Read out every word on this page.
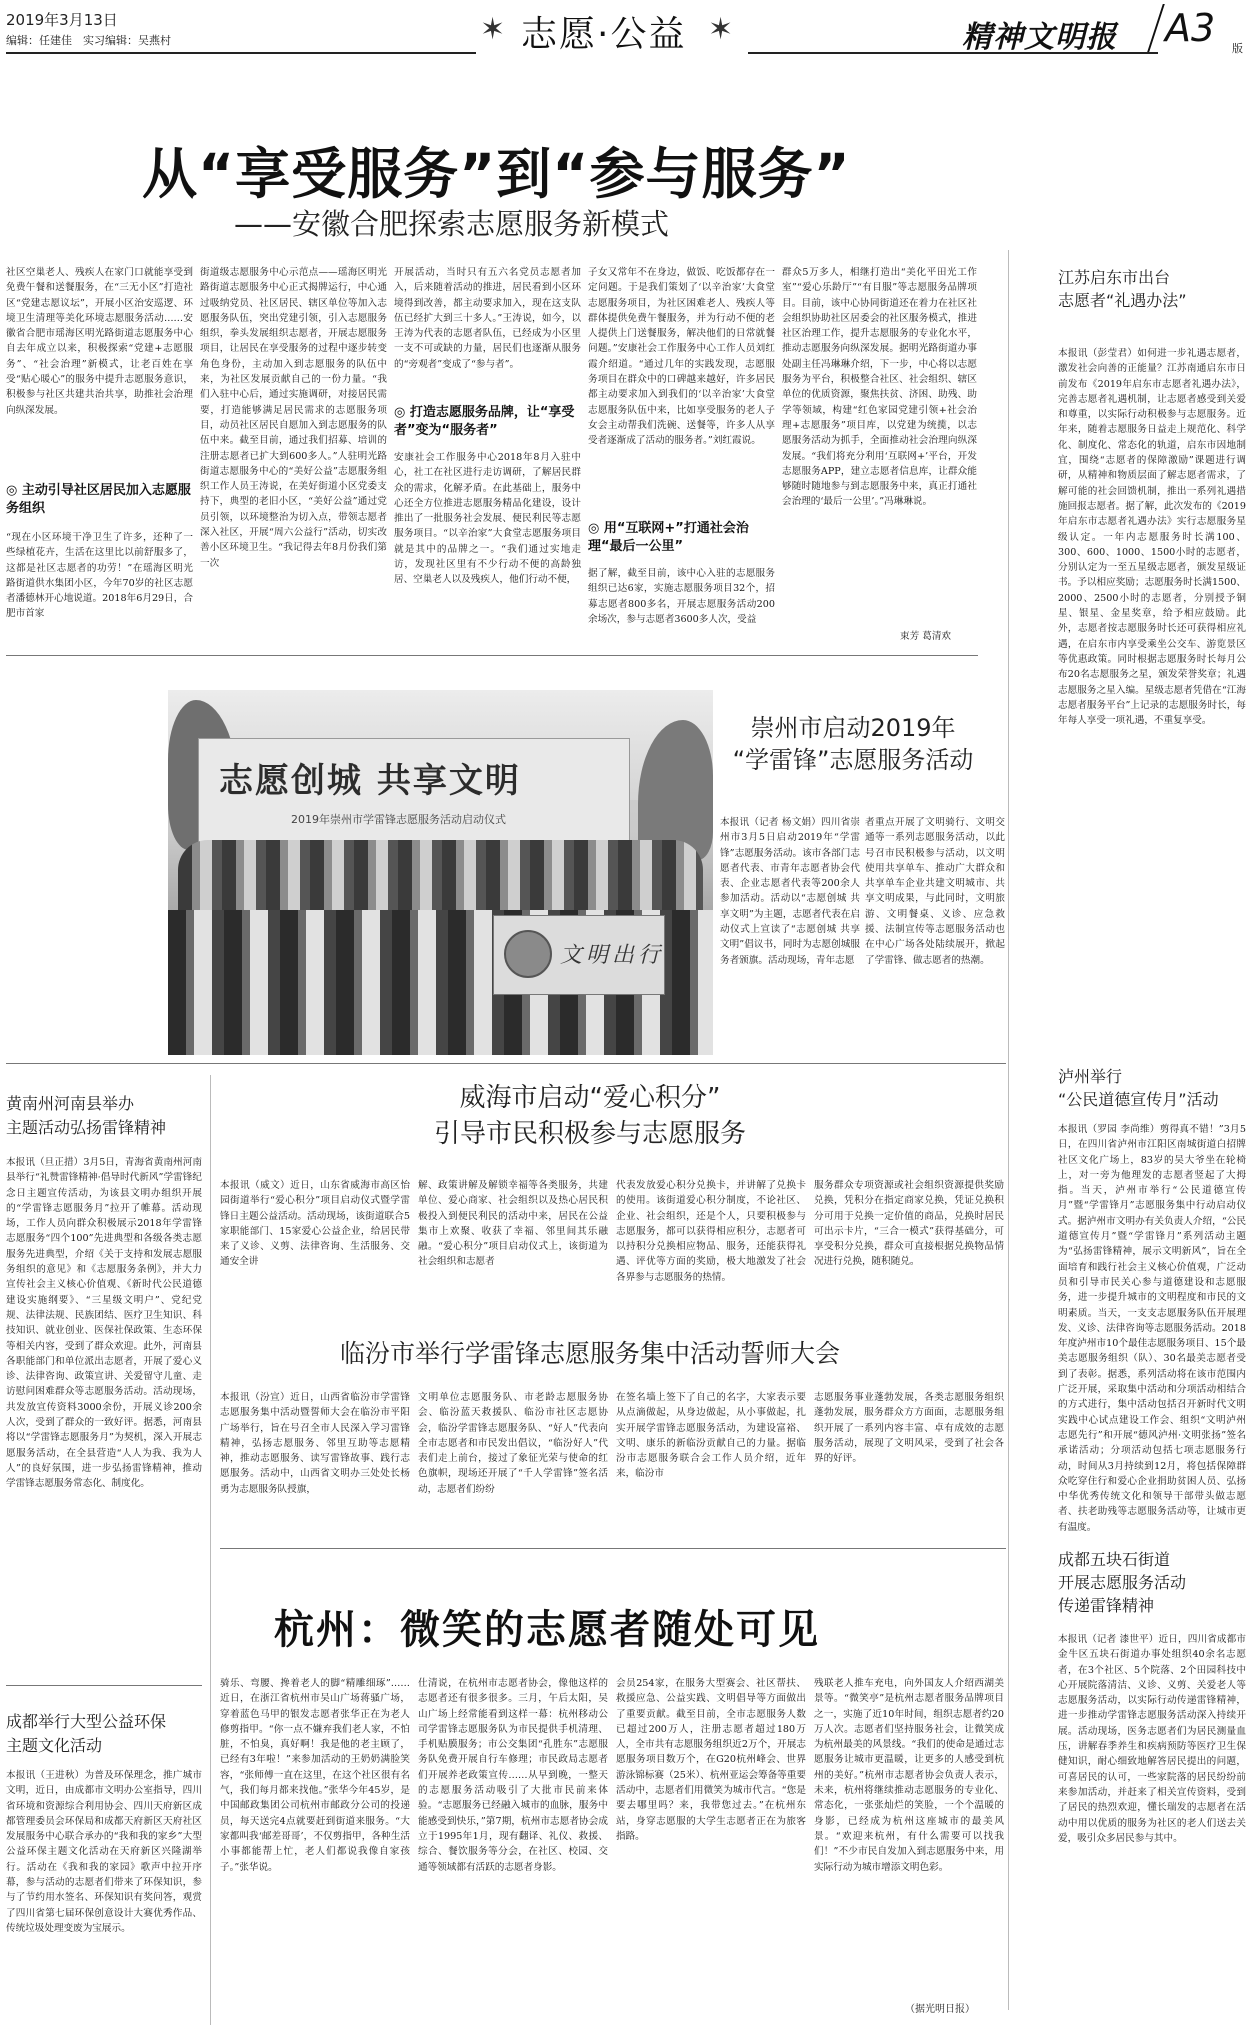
2019年3月13日
编辑：任建佳　实习编辑：吴燕村	✶ 志愿·公益 ✶	精神文明报 A3 版
从“享受服务”到“参与服务”
——安徽合肥探索志愿服务新模式
社区空巢老人、残疾人在家门口就能享受到免费午餐和送餐服务，在“三无小区”打造社区“党建志愿议坛”，开展小区治安巡逻、环境卫生清理等美化环境志愿服务活动……安徽省合肥市瑶海区明光路街道志愿服务中心自去年成立以来，积极探索“党建+志愿服务”、“社会治理”新模式，让老百姓在享受“贴心暖心”的服务中提升志愿服务意识，积极参与社区共建共治共享，助推社会治理向纵深发展。
◎ 主动引导社区居民加入志愿服务组织
“现在小区环境干净卫生了许多，还种了一些绿植花卉，生活在这里比以前舒服多了，这都是社区志愿者的功劳！”在瑶海区明光路街道供水集团小区，今年70岁的社区志愿者潘德林开心地说道。2018年6月29日，合肥市首家
街道级志愿服务中心示范点——瑶海区明光路街道志愿服务中心正式揭牌运行，中心通过吸纳党员、社区居民、辖区单位等加入志愿服务队伍，突出党建引领，引入志愿服务组织，拳头发展组织志愿者，开展志愿服务项目，让居民在享受服务的过程中逐步转变角色身份，主动加入到志愿服务的队伍中来，为社区发展贡献自己的一份力量。“我们入驻中心后，通过实施调研，对接居民需要，打造能够满足居民需求的志愿服务项目，动员社区居民自愿加入到志愿服务的队伍中来。截至目前，通过我们招募、培训的注册志愿者已扩大到600多人。”人驻明光路街道志愿服务中心的“美好公益”志愿服务组织工作人员王涛说，在美好街道小区党委支持下，典型的老旧小区，“美好公益”通过党员引领，以环境整治为切入点，带领志愿者深入社区，开展“周六公益行”活动，切实改善小区环境卫生。“我记得去年8月份我们第一次
开展活动，当时只有五六名党员志愿者加入，后来随着活动的推进，居民看到小区环境得到改善，都主动要求加入，现在这支队伍已经扩大到三十多人。”王涛说，如今，以王涛为代表的志愿者队伍，已经成为小区里一支不可或缺的力量，居民们也逐渐从服务的“旁观者”变成了“参与者”。
◎ 打造志愿服务品牌，让“享受者”变为“服务者”
安康社会工作服务中心2018年8月入驻中心，社工在社区进行走访调研，了解居民群众的需求，化解矛盾。在此基础上，服务中心还全方位推进志愿服务精品化建设，设计推出了一批服务社会发展、便民利民等志愿服务项目。“以辛治家”大食堂志愿服务项目就是其中的品牌之一。“我们通过实地走访，发现社区里有不少行动不便的高龄独居、空巢老人以及残疾人，他们行动不便，
子女又常年不在身边，做饭、吃饭都存在一定问题。于是我们策划了‘以辛治家’大食堂志愿服务项目，为社区困难老人、残疾人等群体提供免费午餐服务，并为行动不便的老人提供上门送餐服务，解决他们的日常就餐问题。”安康社会工作服务中心工作人员刘红霞介绍道。“通过几年的实践发现，志愿服务项目在群众中的口碑越来越好，许多居民都主动要求加入到我们的‘以辛治家’大食堂志愿服务队伍中来，比如享受服务的老人子女会主动帮我们洗碗、送餐等，许多人从享受者逐渐成了活动的服务者。”刘红霞说。
◎ 用“互联网+”打通社会治理“最后一公里”
据了解，截至目前，该中心入驻的志愿服务组织已达6家，实施志愿服务项目32个，招募志愿者800多名，开展志愿服务活动200余场次，参与志愿者3600多人次，受益
群众5万多人，相继打造出“美化平田光工作室”“爱心乐龄厅”“有目服”等志愿服务品牌项目。目前，该中心协同街道还在着力在社区社会组织协助社区居委会的社区服务模式，推进社区治理工作，提升志愿服务的专业化水平，推动志愿服务向纵深发展。据明光路街道办事处副主任冯琳琳介绍，下一步，中心将以志愿服务为平台，积极整合社区、社会组织、辖区单位的优质资源，聚焦扶贫、济困、助残、助学等领域，构建“红色家园党建引领+社会治理+志愿服务”项目库，以党建为统揽，以志愿服务活动为抓手，全面推动社会治理向纵深发展。“我们将充分利用‘互联网+’平台，开发志愿服务APP，建立志愿者信息库，让群众能够随时随地参与到志愿服务中来，真正打通社会治理的‘最后一公里’。”冯琳琳说。
束芳 葛清欢
江苏启东市出台
志愿者“礼遇办法”
本报讯（彭莹君）如何进一步礼遇志愿者，激发社会向善的正能量？江苏南通启东市日前发布《2019年启东市志愿者礼遇办法》，完善志愿者礼遇机制，让志愿者感受到关爱和尊重，以实际行动积极参与志愿服务。近年来，随着志愿服务日益走上规范化、科学化、制度化、常态化的轨道，启东市因地制宜，围绕“志愿者的保障激励”课题进行调研，从精神和物质层面了解志愿者需求，了解可能的社会回馈机制，推出一系列礼遇措施回报志愿者。据了解，此次发布的《2019年启东市志愿者礼遇办法》实行志愿服务星级认定。一年内志愿服务时长满100、300、600、1000、1500小时的志愿者，分别认定为一至五星级志愿者，颁发星级证书。予以相应奖励；志愿服务时长满1500、2000、2500小时的志愿者，分别授予铜星、银星、金星奖章，给予相应鼓励。此外，志愿者按志愿服务时长还可获得相应礼遇，在启东市内享受乘坐公交车、游览景区等优惠政策。同时根据志愿服务时长每月公布20名志愿服务之星，颁发荣誉奖章；礼遇志愿服务之星入编。星级志愿者凭借在“江海志愿者服务平台”上记录的志愿服务时长，每年每人享受一项礼遇，不重复享受。
志愿创城 共享文明
2019年崇州市学雷锋志愿服务活动启动仪式
文明出行
崇州市启动2019年
“学雷锋”志愿服务活动
本报讯（记者 杨文娟）四川省崇州市3月5日启动2019年“学雷锋”志愿服务活动。该市各部门志愿者代表、市青年志愿者协会代表、企业志愿者代表等200余人参加活动。活动以“志愿创城 共享文明”为主题，志愿者代表在启动仪式上宣读了“志愿创城 共享文明”倡议书，同时为志愿创城服务者颁旗。活动现场，青年志愿
者重点开展了文明骑行、文明交通等一系列志愿服务活动，以此号召市民积极参与活动，以文明使用共享单车、推动广大群众和共享单车企业共建文明城市、共享文明成果，与此同时，文明旅游、文明餐桌、义诊、应急救援、法制宣传等志愿服务活动也在中心广场各处陆续展开，掀起了学雷锋、做志愿者的热潮。
泸州举行
“公民道德宣传月”活动
本报讯（罗园 李尚维）剪得真不错！”3月5日，在四川省泸州市江阳区南城街道白招牌社区文化广场上，83岁的吴大爷坐在轮椅上，对一旁为他理发的志愿者竖起了大拇指。当天，泸州市举行“公民道德宣传月”暨“学雷锋月”志愿服务集中行动启动仪式。据泸州市文明办有关负责人介绍，“公民道德宣传月”暨“学雷锋月”系列活动主题为“弘扬雷锋精神，展示文明新风”，旨在全面培育和践行社会主义核心价值观，广泛动员和引导市民关心参与道德建设和志愿服务，进一步提升城市的文明程度和市民的文明素质。当天，一支支志愿服务队伍开展理发、义诊、法律咨询等志愿服务活动。2018年度泸州市10个最佳志愿服务项目、15个最美志愿服务组织（队）、30名最美志愿者受到了表彰。据悉，系列活动将在该市范围内广泛开展，采取集中活动和分项活动相结合的方式进行，集中活动包括召开新时代文明实践中心试点建设工作会、组织“文明泸州 志愿先行”和开展“德风泸州·文明张扬”签名承诺活动；分项活动包括七项志愿服务行动，时间从3月持续到12月，将包括保障群众吃穿住行和爱心企业捐助贫困人员、弘扬中华优秀传统文化和领导干部带头做志愿者、扶老助残等志愿服务活动等，让城市更有温度。
黄南州河南县举办
主题活动弘扬雷锋精神
本报讯（旦正措）3月5日，青海省黄南州河南县举行“礼赞雷锋精神·倡导时代新风”学雷锋纪念日主题宣传活动，为该县文明办组织开展的“学雷锋志愿服务月”拉开了帷幕。活动现场，工作人员向群众积极展示2018年学雷锋志愿服务“四个100”先进典型和各级各类志愿服务先进典型，介绍《关于支持和发展志愿服务组织的意见》和《志愿服务条例》，并大力宣传社会主义核心价值观、《新时代公民道德建设实施纲要》、“三星级文明户”、党纪党规、法律法规、民族团结、医疗卫生知识、科技知识、就业创业、医保社保政策、生态环保等相关内容，受到了群众欢迎。此外，河南县各职能部门和单位派出志愿者，开展了爱心义诊、法律咨询、政策宣讲、关爱留守儿童、走访慰问困难群众等志愿服务活动。活动现场，共发放宣传资料3000余份，开展义诊200余人次，受到了群众的一致好评。据悉，河南县将以“学雷锋志愿服务月”为契机，深入开展志愿服务活动，在全县营造“人人为我、我为人人”的良好氛围，进一步弘扬雷锋精神，推动学雷锋志愿服务常态化、制度化。
威海市启动“爱心积分”
引导市民积极参与志愿服务
本报讯（威文）近日，山东省威海市高区怡园街道举行“爱心积分”项目启动仪式暨学雷锋日主题公益活动。活动现场，该街道联合5家职能部门、15家爱心公益企业，给居民带来了义诊、义剪、法律咨询、生活服务、交通安全讲
解、政策讲解及解锁幸福等各类服务，共建单位、爱心商家、社会组织以及热心居民积极投入到便民利民的活动中来，居民在公益集市上欢聚、收获了幸福、邻里间其乐融融。“爱心积分”项目启动仪式上，该街道为社会组织和志愿者
代表发放爱心积分兑换卡，并讲解了兑换卡的使用。该街道爱心积分制度，不论社区、企业、社会组织，还是个人，只要积极参与志愿服务，都可以获得相应积分，志愿者可以持积分兑换相应物品、服务，还能获得礼遇、评优等方面的奖励，极大地激发了社会各界参与志愿服务的热情。
服务群众专项资源或社会组织资源提供奖励兑换，凭积分在指定商家兑换，凭证兑换积分可用于兑换一定价值的商品，兑换时居民可出示卡片，“三合一模式”获得基础分，可享受积分兑换，群众可直接根据兑换物品情况进行兑换，随积随兑。
临汾市举行学雷锋志愿服务集中活动誓师大会
本报讯（汾宣）近日，山西省临汾市学雷锋志愿服务集中活动暨誓师大会在临汾市平阳广场举行，旨在号召全市人民深入学习雷锋精神，弘扬志愿服务、邻里互助等志愿精神，推动志愿服务、读写雷锋故事、践行志愿服务。活动中，山西省文明办三处处长杨勇为志愿服务队授旗，
文明单位志愿服务队、市老龄志愿服务协会、临汾蓝天救援队、临汾市社区志愿协会，临汾学雷锋志愿服务队、“好人”代表向全市志愿者和市民发出倡议，“临汾好人”代表们走上前台，接过了象征光荣与使命的红色旗帜，现场还开展了“千人学雷锋”签名活动，志愿者们纷纷
在签名墙上签下了自己的名字，大家表示要从点滴做起，从身边做起，从小事做起，扎实开展学雷锋志愿服务活动，为建设富裕、文明、康乐的新临汾贡献自己的力量。据临汾市志愿服务联合会工作人员介绍，近年来，临汾市
志愿服务事业蓬勃发展，各类志愿服务组织蓬勃发展，服务群众方方面面，志愿服务组织开展了一系列内容丰富、卓有成效的志愿服务活动，展现了文明风采，受到了社会各界的好评。
成都五块石街道
开展志愿服务活动
传递雷锋精神
本报讯（记者 漆世平）近日，四川省成都市金牛区五块石街道办事处组织40余名志愿者，在3个社区、5个院落、2个田园科技中心开展院落清洁、义诊、义剪、关爱老人等志愿服务活动，以实际行动传递雷锋精神，进一步推动学雷锋志愿服务活动深入持续开展。活动现场，医务志愿者们为居民测量血压，讲解春季养生和疾病预防等医疗卫生保健知识，耐心细致地解答居民提出的问题，可喜居民的认可，一些家院落的居民纷纷前来参加活动，并赶来了相关宣传资料，受到了居民的热烈欢迎，懂长瑞发的志愿者在活动中用以优质的服务为社区的老人们送去关爱，吸引众多居民参与其中。
成都举行大型公益环保
主题文化活动
本报讯（王进秋）为普及环保理念，推广城市文明，近日，由成都市文明办公室指导，四川省环境和资源综合利用协会、四川天府新区成都管理委员会环保局和成都天府新区天府社区发展服务中心联合承办的“我和我的家乡”大型公益环保主题文化活动在天府新区兴隆湖举行。活动在《我和我的家园》歌声中拉开序幕，参与活动的志愿者们带来了环保知识，参与了节约用水签名、环保知识有奖问答，观赏了四川省第七届环保创意设计大赛优秀作品、传统垃圾处理变废为宝展示。
杭州：微笑的志愿者随处可见
骑乐、弯腰、搀着老人的脚“精雕细琢”……近日，在浙江省杭州市吴山广场蒋骚广场，穿着蓝色马甲的银发志愿者张华正在为老人修剪指甲。“你一点不嫌弃我们老人家，不怕脏，不怕臭，真好啊！我是他的老主顾了，已经有3年啦！”来参加活动的王奶奶满脸笑容，“张师傅一直在这里，在这个社区很有名气，我们每月都来找他。”张华今年45岁，是中国邮政集团公司杭州市邮政分公司的投递员，每天送完4点就要赶到街道来服务。“大家都叫我‘邮差哥哥’，不仅剪指甲，各种生活小事都能帮上忙，老人们都说我像自家孩子。”张华说。
仕清说，在杭州市志愿者协会，像他这样的志愿者还有很多很多。三月，午后太阳，吴山广场上经常能看到这样一幕：杭州移动公司学雷锋志愿服务队为市民提供手机清理、手机贴膜服务；市公交集团“孔胜东”志愿服务队免费开展自行车修理；市民政局志愿者们开展养老政策宣传……从早到晚，一整天的志愿服务活动吸引了大批市民前来体验。“志愿服务已经融入城市的血脉，服务中能感受到快乐，”第7期，杭州市志愿者协会成立于1995年1月，现有翻译、礼仪、救援、综合、餐饮服务等分会，在社区、校园、交通等领域都有活跃的志愿者身影。
会员254家，在服务大型赛会、社区帮扶、救援应急、公益实践、文明倡导等方面做出了重要贡献。截至目前，全市志愿服务人数已超过200万人，注册志愿者超过180万人，全市共有志愿服务组织近2万个，开展志愿服务项目数万个，在G20杭州峰会、世界游泳锦标赛（25米）、杭州亚运会筹备等重要活动中，志愿者们用微笑为城市代言。“您是要去哪里吗？来，我带您过去。”在杭州东站，身穿志愿服的大学生志愿者正在为旅客指路。
残联老人推车充电，向外国友人介绍西湖美景等。“微笑亭”是杭州志愿者服务品牌项目之一，实施了近10年时间，组织志愿者约20万人次。志愿者们坚持服务社会，让微笑成为杭州最美的风景线。“我们的使命是通过志愿服务让城市更温暖，让更多的人感受到杭州的美好。”杭州市志愿者协会负责人表示，未来，杭州将继续推动志愿服务的专业化、常态化，一张张灿烂的笑脸，一个个温暖的身影，已经成为杭州这座城市的最美风景。“欢迎来杭州，有什么需要可以找我们！”不少市民自发加入到志愿服务中来，用实际行动为城市增添文明色彩。
（据光明日报）
